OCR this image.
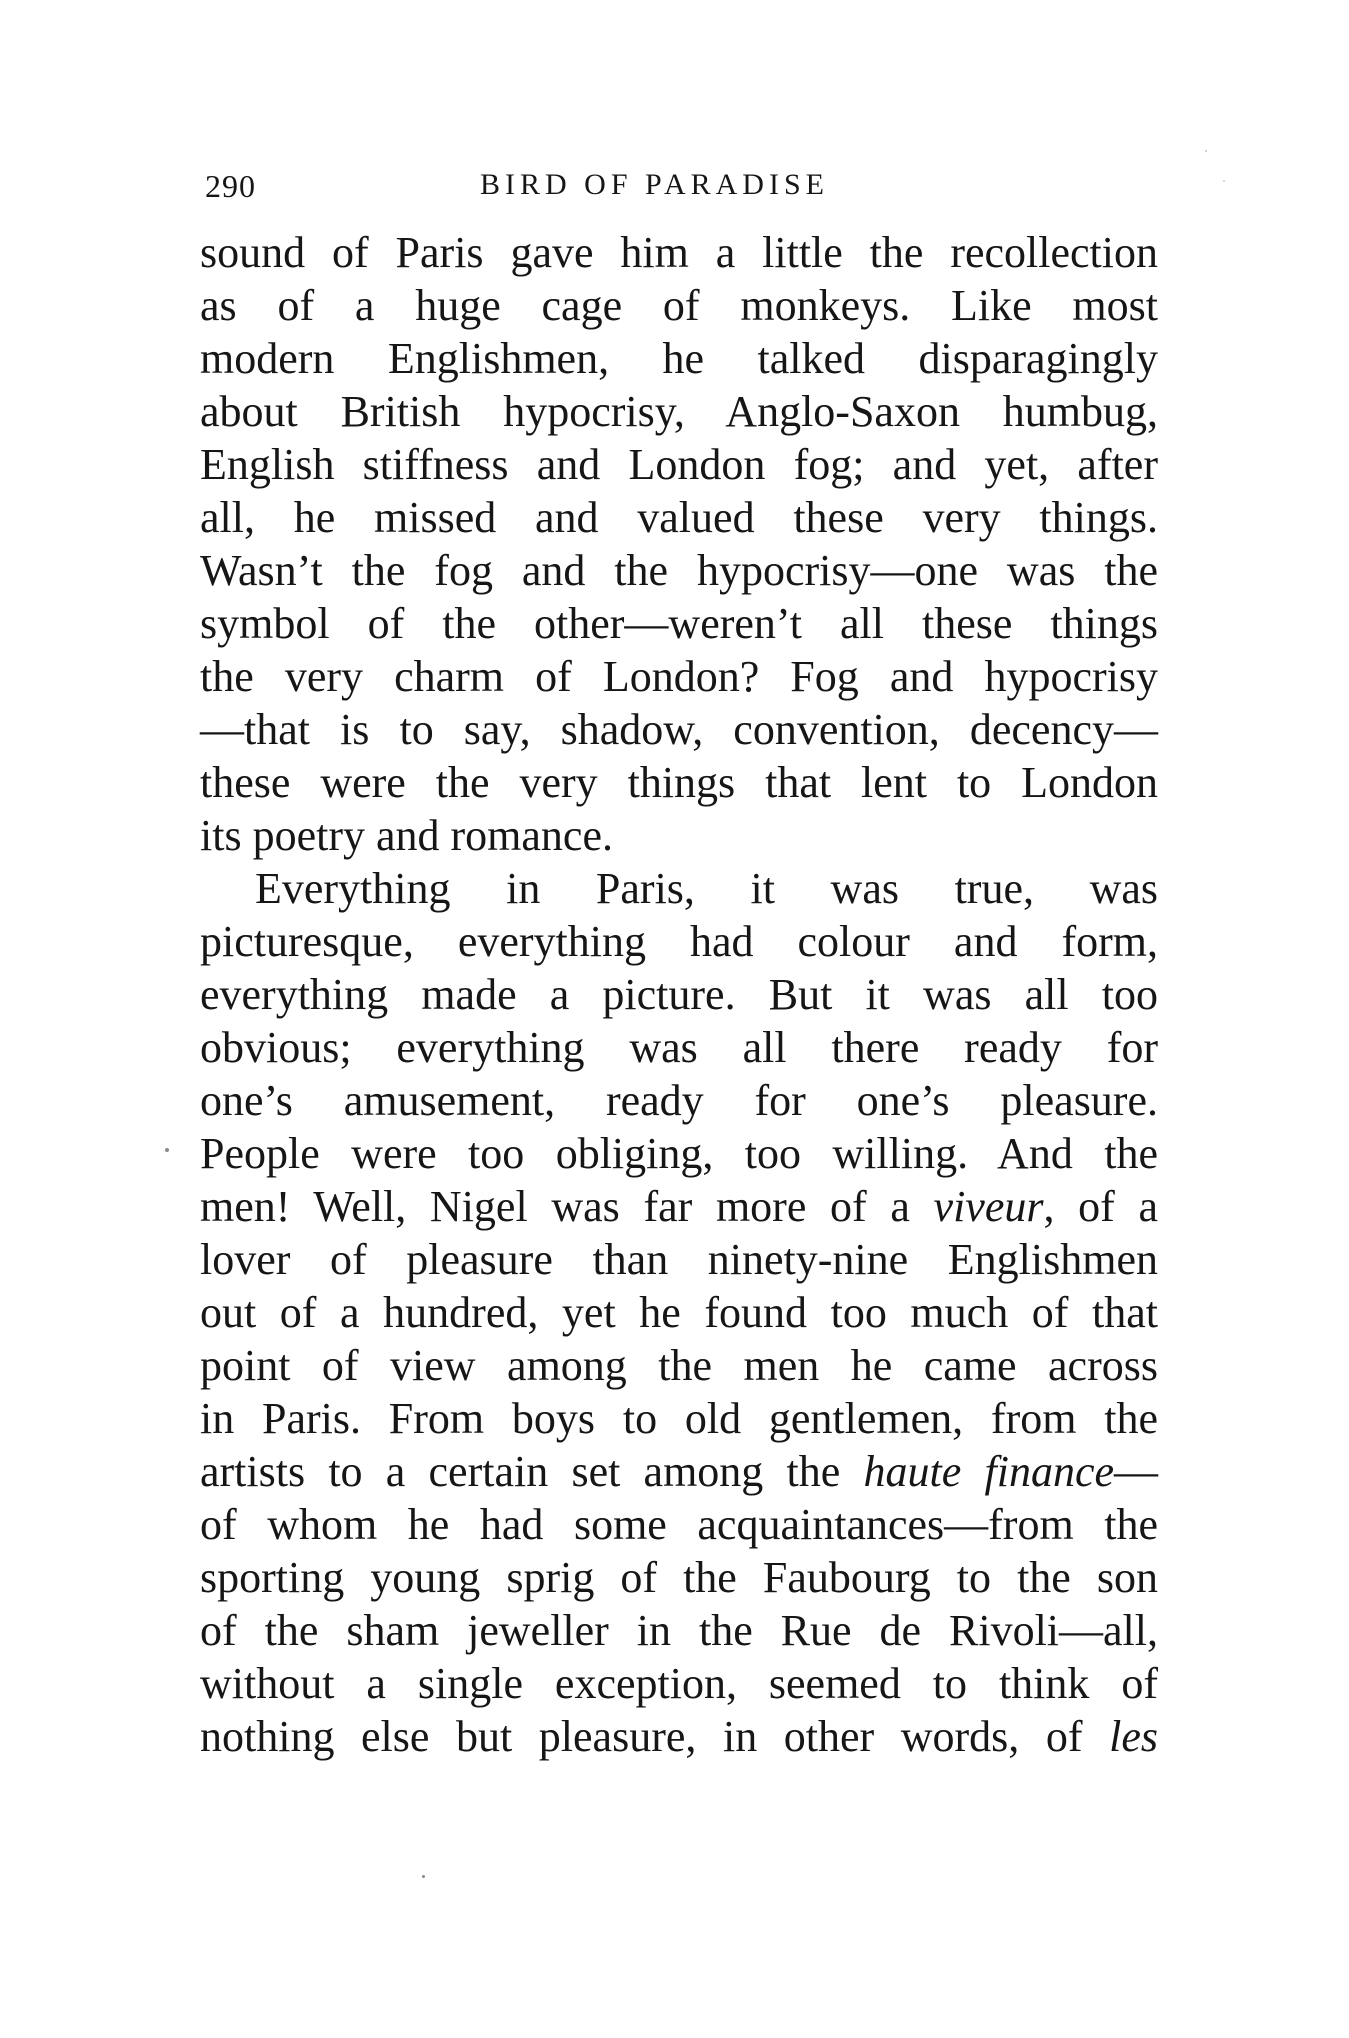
290	BIRD OF PARADISE
sound of Paris gave him a little the recollection
as of a huge cage of monkeys. Like most
modern Englishmen, he talked disparagingly
about British hypocrisy, Anglo-Saxon humbug,
English stiffness and London fog; and yet, after
all, he missed and valued these very things.
Wasn’t the fog and the hypocrisy—one was the
symbol of the other—weren’t all these things
the very charm of London? Fog and hypocrisy
—that is to say, shadow, convention, decency—
these were the very things that lent to London
its poetry and romance.
Everything in Paris, it was true, was
picturesque, everything had colour and form,
everything made a picture. But it was all too
obvious; everything was all there ready for
one’s amusement, ready for one’s pleasure.
People were too obliging, too willing. And the
men! Well, Nigel was far more of a viveur, of a
lover of pleasure than ninety-nine Englishmen
out of a hundred, yet he found too much of that
point of view among the men he came across
in Paris. From boys to old gentlemen, from the
artists to a certain set among the haute finance—
of whom he had some acquaintances—from the
sporting young sprig of the Faubourg to the son
of the sham jeweller in the Rue de Rivoli—all,
without a single exception, seemed to think of
nothing else but pleasure, in other words, of les
